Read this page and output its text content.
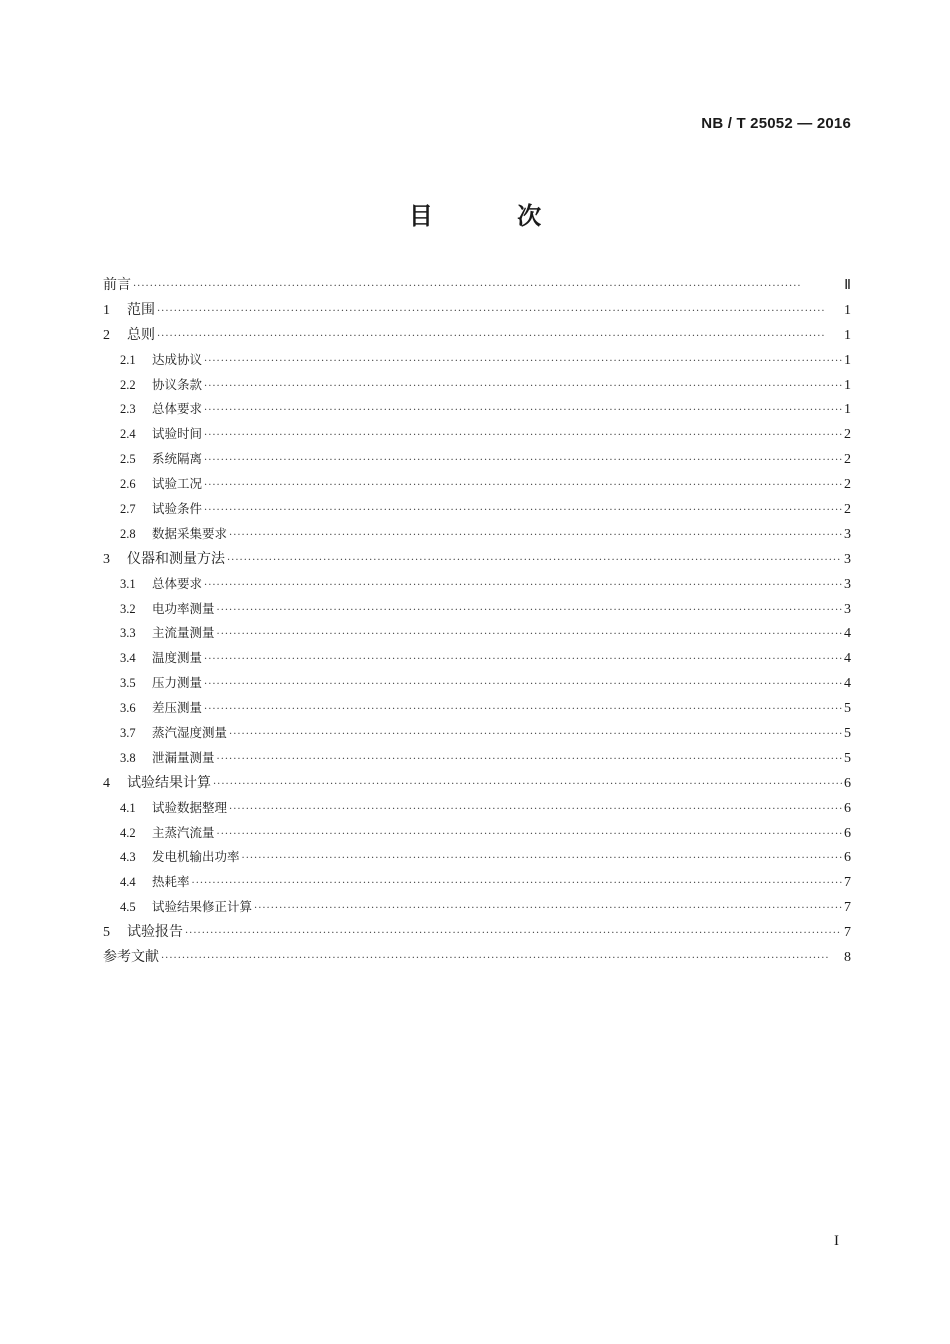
NB / T 25052 — 2016
目 次
前言 ·····	Ⅱ
1	范围 ·····	1
2	总则 ·····	1
2.1	达成协议 ·····	1
2.2	协议条款 ·····	1
2.3	总体要求 ·····	1
2.4	试验时间 ·····	2
2.5	系统隔离 ·····	2
2.6	试验工况 ·····	2
2.7	试验条件 ·····	2
2.8	数据采集要求 ·····	3
3	仪器和测量方法 ·····	3
3.1	总体要求 ·····	3
3.2	电功率测量 ·····	3
3.3	主流量测量 ·····	4
3.4	温度测量 ·····	4
3.5	压力测量 ·····	4
3.6	差压测量 ·····	5
3.7	蒸汽湿度测量 ·····	5
3.8	泄漏量测量 ·····	5
4	试验结果计算 ·····	6
4.1	试验数据整理 ·····	6
4.2	主蒸汽流量 ·····	6
4.3	发电机输出功率 ·····	6
4.4	热耗率 ·····	7
4.5	试验结果修正计算 ·····	7
5	试验报告 ·····	7
参考文献 ·····	8
I
